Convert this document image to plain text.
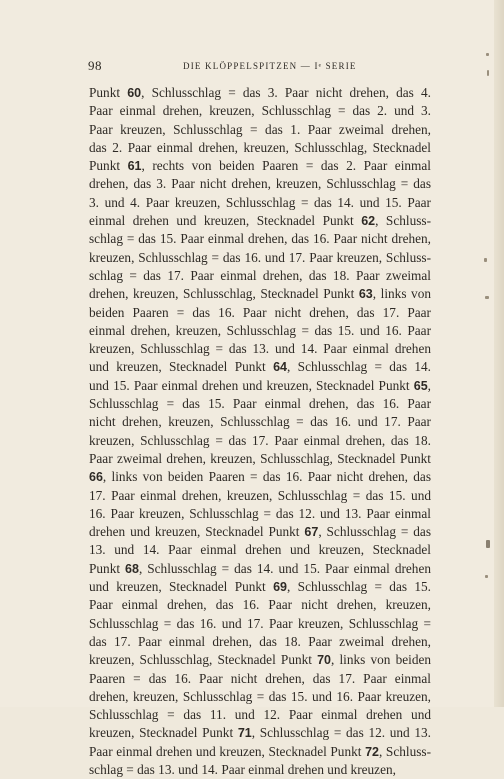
98	DIE KLÖPPELSPITZEN — Iᵉ SERIE
Punkt 60, Schlusschlag = das 3. Paar nicht drehen, das 4.
Paar einmal drehen, kreuzen, Schlusschlag = das 2. und 3.
Paar kreuzen, Schlusschlag = das 1. Paar zweimal drehen,
das 2. Paar einmal drehen, kreuzen, Schlusschlag, Stecknadel
Punkt 61, rechts von beiden Paaren = das 2. Paar einmal
drehen, das 3. Paar nicht drehen, kreuzen, Schlusschlag = das
3. und 4. Paar kreuzen, Schlusschlag = das 14. und 15. Paar
einmal drehen und kreuzen, Stecknadel Punkt 62, Schluss-
schlag = das 15. Paar einmal drehen, das 16. Paar nicht drehen,
kreuzen, Schlusschlag = das 16. und 17. Paar kreuzen, Schluss-
schlag = das 17. Paar einmal drehen, das 18. Paar zweimal
drehen, kreuzen, Schlusschlag, Stecknadel Punkt 63, links von
beiden Paaren = das 16. Paar nicht drehen, das 17. Paar
einmal drehen, kreuzen, Schlusschlag = das 15. und 16. Paar
kreuzen, Schlusschlag = das 13. und 14. Paar einmal drehen
und kreuzen, Stecknadel Punkt 64, Schlusschlag = das 14.
und 15. Paar einmal drehen und kreuzen, Stecknadel Punkt 65,
Schlusschlag = das 15. Paar einmal drehen, das 16. Paar
nicht drehen, kreuzen, Schlusschlag = das 16. und 17. Paar
kreuzen, Schlusschlag = das 17. Paar einmal drehen, das 18.
Paar zweimal drehen, kreuzen, Schlusschlag, Stecknadel Punkt
66, links von beiden Paaren = das 16. Paar nicht drehen, das
17. Paar einmal drehen, kreuzen, Schlusschlag = das 15. und
16. Paar kreuzen, Schlusschlag = das 12. und 13. Paar einmal
drehen und kreuzen, Stecknadel Punkt 67, Schlusschlag = das
13. und 14. Paar einmal drehen und kreuzen, Stecknadel
Punkt 68, Schlusschlag = das 14. und 15. Paar einmal drehen
und kreuzen, Stecknadel Punkt 69, Schlusschlag = das 15.
Paar einmal drehen, das 16. Paar nicht drehen, kreuzen,
Schlusschlag = das 16. und 17. Paar kreuzen, Schlusschlag =
das 17. Paar einmal drehen, das 18. Paar zweimal drehen,
kreuzen, Schlusschlag, Stecknadel Punkt 70, links von beiden
Paaren = das 16. Paar nicht drehen, das 17. Paar einmal
drehen, kreuzen, Schlusschlag = das 15. und 16. Paar kreuzen,
Schlusschlag = das 11. und 12. Paar einmal drehen und
kreuzen, Stecknadel Punkt 71, Schlusschlag = das 12. und 13.
Paar einmal drehen und kreuzen, Stecknadel Punkt 72, Schluss-
schlag = das 13. und 14. Paar einmal drehen und kreuzen,
